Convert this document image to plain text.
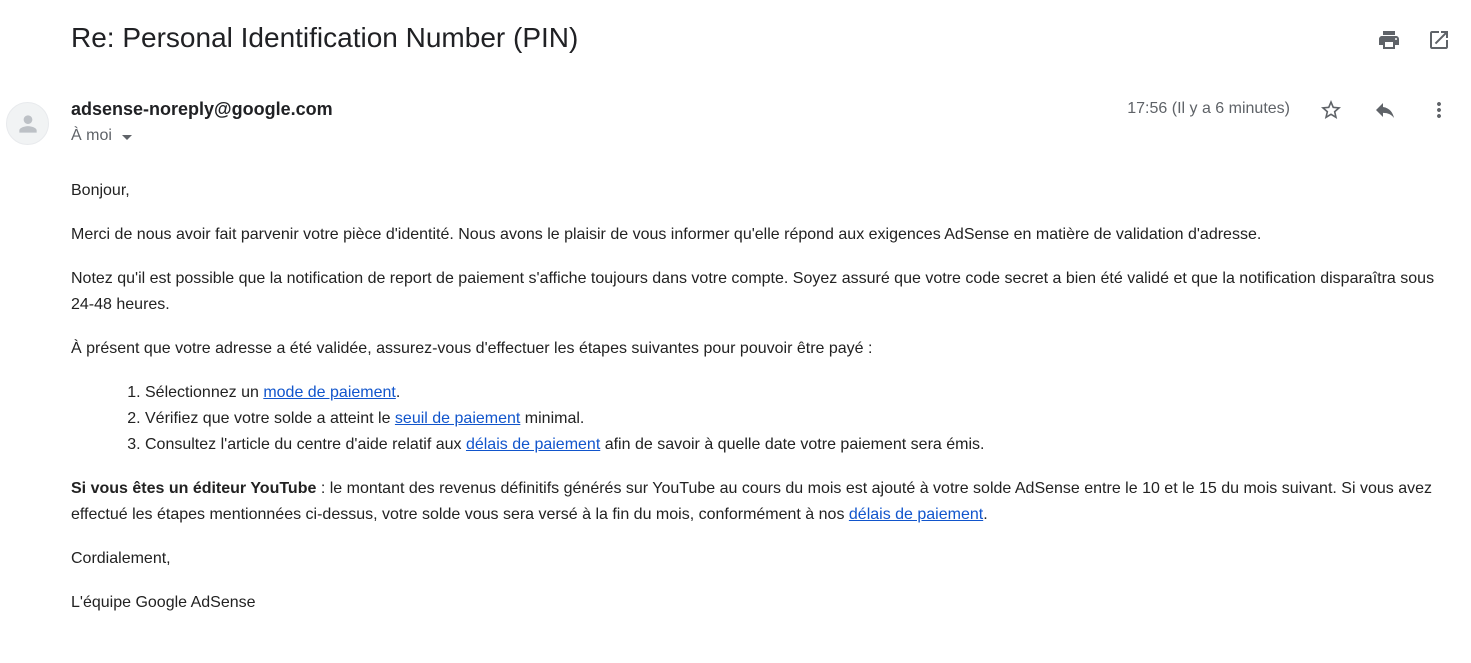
Re: Personal Identification Number (PIN)
adsense-noreply@google.com
À moi
17:56 (Il y a 6 minutes)

Bonjour,

Merci de nous avoir fait parvenir votre pièce d'identité. Nous avons le plaisir de vous informer qu'elle répond aux exigences AdSense en matière de validation d'adresse.

Notez qu'il est possible que la notification de report de paiement s'affiche toujours dans votre compte. Soyez assuré que votre code secret a bien été validé et que la notification disparaîtra sous 24-48 heures.

À présent que votre adresse a été validée, assurez-vous d'effectuer les étapes suivantes pour pouvoir être payé :

1. Sélectionnez un mode de paiement.
2. Vérifiez que votre solde a atteint le seuil de paiement minimal.
3. Consultez l'article du centre d'aide relatif aux délais de paiement afin de savoir à quelle date votre paiement sera émis.

Si vous êtes un éditeur YouTube : le montant des revenus définitifs générés sur YouTube au cours du mois est ajouté à votre solde AdSense entre le 10 et le 15 du mois suivant. Si vous avez effectué les étapes mentionnées ci-dessus, votre solde vous sera versé à la fin du mois, conformément à nos délais de paiement.

Cordialement,

L'équipe Google AdSense
